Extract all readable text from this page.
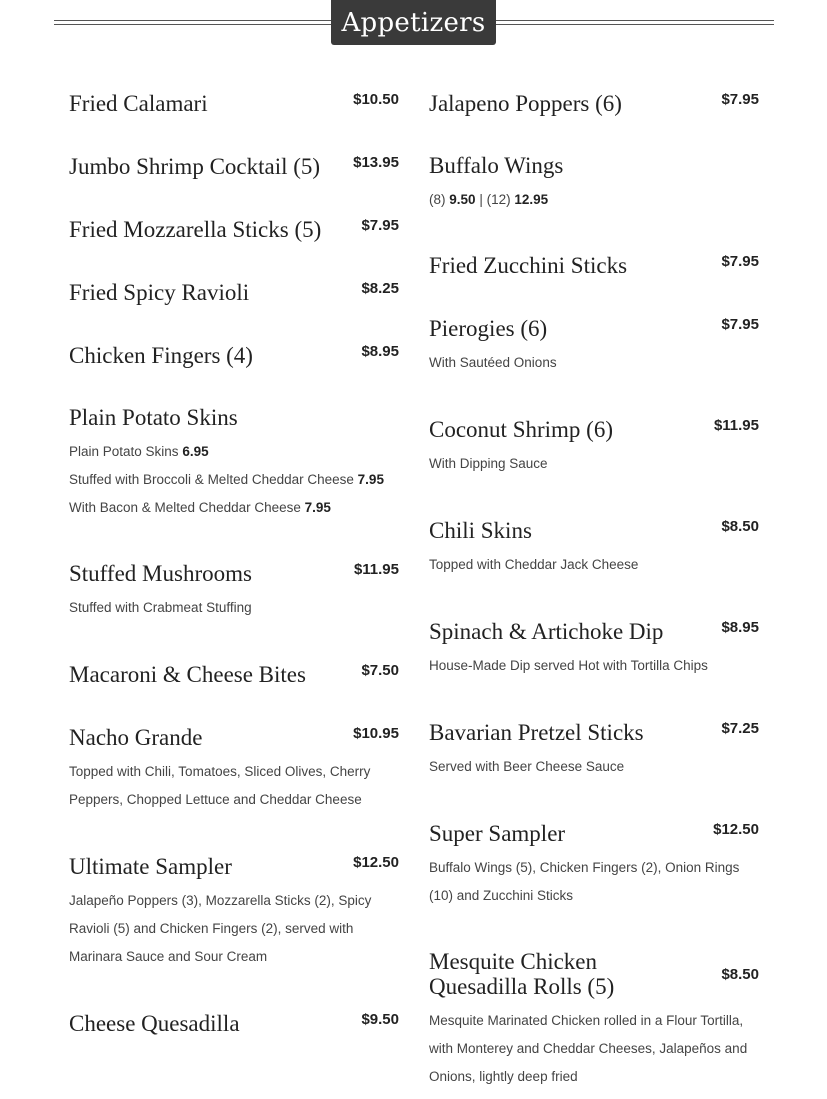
Appetizers
Fried Calamari	$10.50
Jumbo Shrimp Cocktail (5)	$13.95
Fried Mozzarella Sticks (5)	$7.95
Fried Spicy Ravioli	$8.25
Chicken Fingers (4)	$8.95
Plain Potato Skins
Plain Potato Skins 6.95
Stuffed with Broccoli & Melted Cheddar Cheese 7.95
With Bacon & Melted Cheddar Cheese 7.95
Stuffed Mushrooms	$11.95
Stuffed with Crabmeat Stuffing
Macaroni & Cheese Bites	$7.50
Nacho Grande	$10.95
Topped with Chili, Tomatoes, Sliced Olives, Cherry Peppers, Chopped Lettuce and Cheddar Cheese
Ultimate Sampler	$12.50
Jalapeño Poppers (3), Mozzarella Sticks (2), Spicy Ravioli (5) and Chicken Fingers (2), served with Marinara Sauce and Sour Cream
Cheese Quesadilla	$9.50
Jalapeno Poppers (6)	$7.95
Buffalo Wings
(8) 9.50 | (12) 12.95
Fried Zucchini Sticks	$7.95
Pierogies (6)	$7.95
With Sautéed Onions
Coconut Shrimp (6)	$11.95
With Dipping Sauce
Chili Skins	$8.50
Topped with Cheddar Jack Cheese
Spinach & Artichoke Dip	$8.95
House-Made Dip served Hot with Tortilla Chips
Bavarian Pretzel Sticks	$7.25
Served with Beer Cheese Sauce
Super Sampler	$12.50
Buffalo Wings (5), Chicken Fingers (2), Onion Rings (10) and Zucchini Sticks
Mesquite Chicken Quesadilla Rolls (5)	$8.50
Mesquite Marinated Chicken rolled in a Flour Tortilla, with Monterey and Cheddar Cheeses, Jalapeños and Onions, lightly deep fried
